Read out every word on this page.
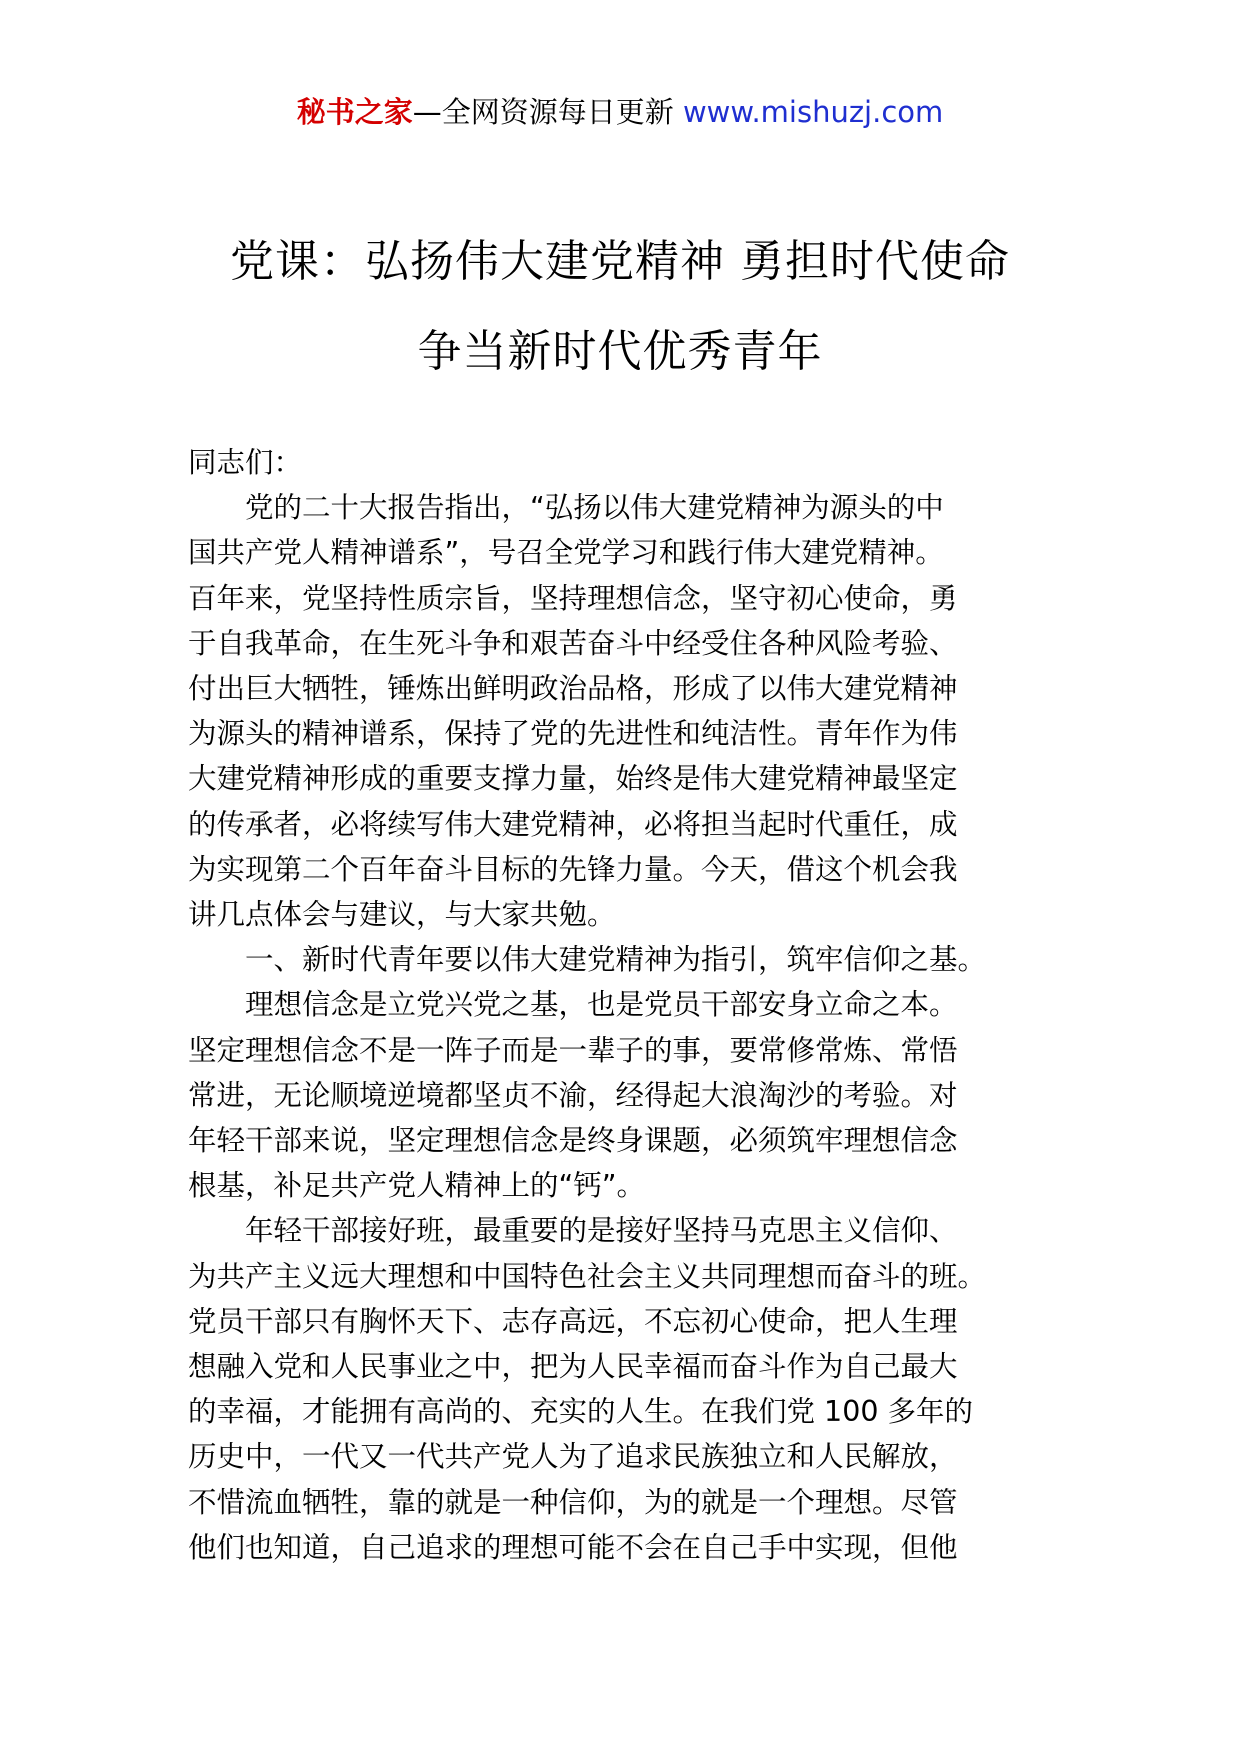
秘书之家—全网资源每日更新 www.mishuzj.com
党课：弘扬伟大建党精神 勇担时代使命
争当新时代优秀青年

同志们：

党的二十大报告指出，“弘扬以伟大建党精神为源头的中

国共产党人精神谱系”，号召全党学习和践行伟大建党精神。

百年来，党坚持性质宗旨，坚持理想信念，坚守初心使命，勇

于自我革命，在生死斗争和艰苦奋斗中经受住各种风险考验、

付出巨大牺牲，锤炼出鲜明政治品格，形成了以伟大建党精神

为源头的精神谱系，保持了党的先进性和纯洁性。青年作为伟

大建党精神形成的重要支撑力量，始终是伟大建党精神最坚定

的传承者，必将续写伟大建党精神，必将担当起时代重任，成

为实现第二个百年奋斗目标的先锋力量。今天，借这个机会我

讲几点体会与建议，与大家共勉。

一、新时代青年要以伟大建党精神为指引，筑牢信仰之基。

理想信念是立党兴党之基，也是党员干部安身立命之本。

坚定理想信念不是一阵子而是一辈子的事，要常修常炼、常悟

常进，无论顺境逆境都坚贞不渝，经得起大浪淘沙的考验。对

年轻干部来说，坚定理想信念是终身课题，必须筑牢理想信念

根基，补足共产党人精神上的“钙”。

年轻干部接好班，最重要的是接好坚持马克思主义信仰、

为共产主义远大理想和中国特色社会主义共同理想而奋斗的班。

党员干部只有胸怀天下、志存高远，不忘初心使命，把人生理

想融入党和人民事业之中，把为人民幸福而奋斗作为自己最大

的幸福，才能拥有高尚的、充实的人生。在我们党 100 多年的

历史中，一代又一代共产党人为了追求民族独立和人民解放，

不惜流血牺牲，靠的就是一种信仰，为的就是一个理想。尽管

他们也知道，自己追求的理想可能不会在自己手中实现，但他
